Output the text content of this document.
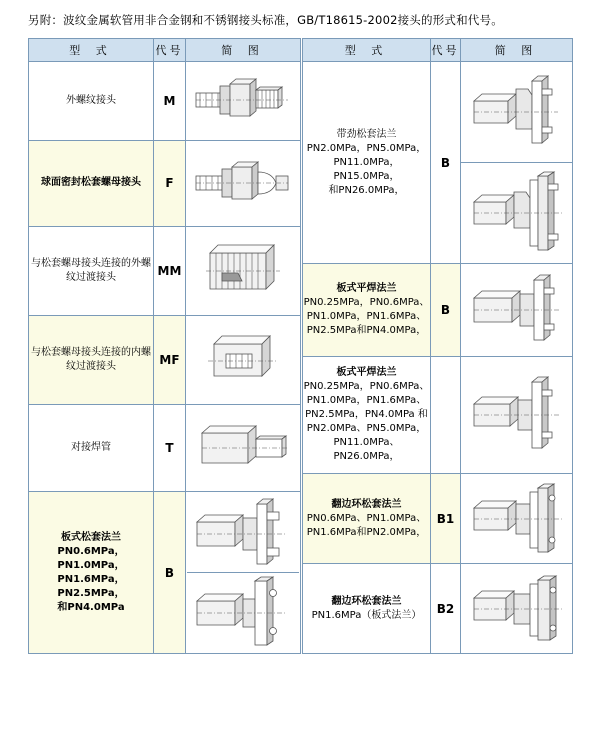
另附：波纹金属软管用非合金钢和不锈钢接头标准，GB/T18615-2002接头的形式和代号。
型 式	代号	简 图
外螺纹接头	M	

球面密封松套螺母接头	F	

与松套螺母接头连接的外螺纹过渡接头	MM	

与松套螺母接头连接的内螺纹过渡接头	MF	

对接焊管	T	

板式松套法兰
PN0.6MPa，PN1.0MPa，
PN1.6MPa，PN2.5MPa，
和PN4.0MPa	B	
型 式	代号	简 图
带劲松套法兰
PN2.0MPa，PN5.0MPa，
PN11.0MPa，PN15.0MPa，
和PN26.0MPa，	B	

板式平焊法兰
PN0.25MPa，PN0.6MPa、
PN1.0MPa，PN1.6MPa、
PN2.5MPa和PN4.0MPa，	B	

板式平焊法兰
PN0.25MPa，PN0.6MPa、
PN1.0MPa，PN1.6MPa、
PN2.5MPa，PN4.0MPa 和
PN2.0MPa、PN5.0MPa，
PN11.0MPa、PN26.0MPa，		

翻边环松套法兰
PN0.6MPa、PN1.0MPa、
PN1.6MPa和PN2.0MPa，	B1	

翻边环松套法兰
PN1.6MPa（板式法兰）	B2	
